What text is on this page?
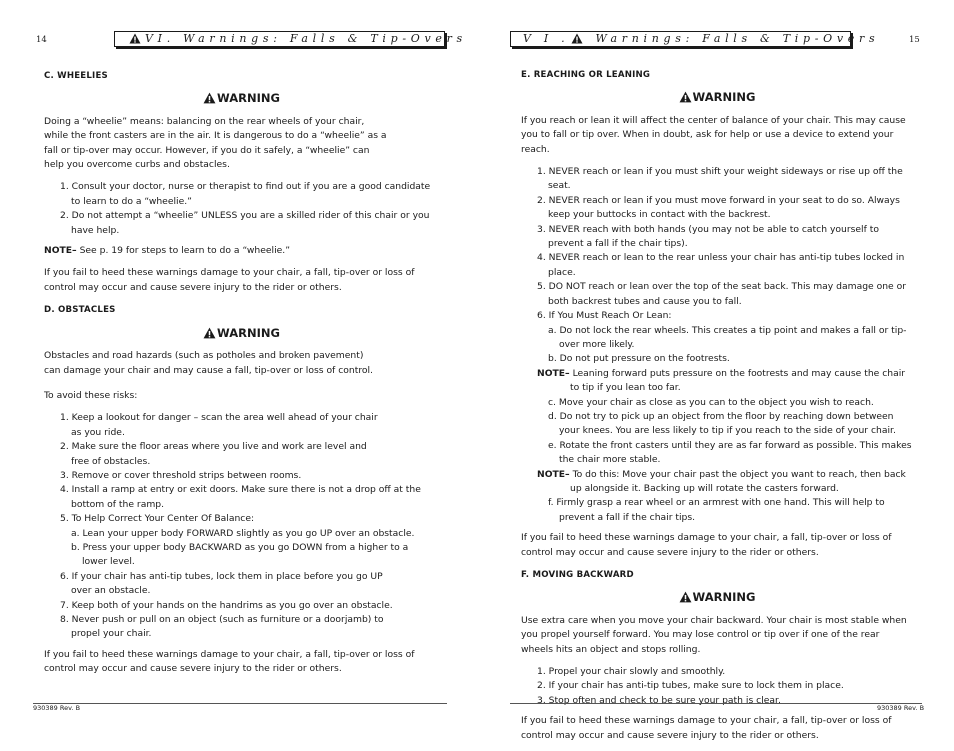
14	VI. Warnings: Falls & Tip-Overs
C. WHEELIES
WARNING

Doing a “wheelie” means: balancing on the rear wheels of your chair, while the front casters are in the air. It is dangerous to do a “wheelie” as a fall or tip-over may occur. However, if you do it safely, a “wheelie” can help you overcome curbs and obstacles.

1. Consult your doctor, nurse or therapist to find out if you are a good candidate to learn to do a “wheelie.”
2. Do not attempt a “wheelie” UNLESS you are a skilled rider of this chair or you have help.

NOTE– See p. 19 for steps to learn to do a “wheelie.”

If you fail to heed these warnings damage to your chair, a fall, tip-over or loss of control may occur and cause severe injury to the rider or others.

D. OBSTACLES
WARNING

Obstacles and road hazards (such as potholes and broken pavement) can damage your chair and may cause a fall, tip-over or loss of control.

To avoid these risks:

1. Keep a lookout for danger – scan the area well ahead of your chair as you ride.
2. Make sure the floor areas where you live and work are level and free of obstacles.
3. Remove or cover threshold strips between rooms.
4. Install a ramp at entry or exit doors. Make sure there is not a drop off at the bottom of the ramp.
5. To Help Correct Your Center Of Balance:
a. Lean your upper body FORWARD slightly as you go UP over an obstacle.
b. Press your upper body BACKWARD as you go DOWN from a higher to a lower level.
6. If your chair has anti-tip tubes, lock them in place before you go UP over an obstacle.
7. Keep both of your hands on the handrims as you go over an obstacle.
8. Never push or pull on an object (such as furniture or a doorjamb) to propel your chair.

If you fail to heed these warnings damage to your chair, a fall, tip-over or loss of control may occur and cause severe injury to the rider or others.

930389 Rev. B
V I . Warnings: Falls & Tip-Overs	15
E. REACHING OR LEANING
WARNING

If you reach or lean it will affect the center of balance of your chair. This may cause you to fall or tip over. When in doubt, ask for help or use a device to extend your reach.

1. NEVER reach or lean if you must shift your weight sideways or rise up off the seat.
2. NEVER reach or lean if you must move forward in your seat to do so. Always keep your buttocks in contact with the backrest.
3. NEVER reach with both hands (you may not be able to catch yourself to prevent a fall if the chair tips).
4. NEVER reach or lean to the rear unless your chair has anti-tip tubes locked in place.
5. DO NOT reach or lean over the top of the seat back. This may damage one or both backrest tubes and cause you to fall.
6. If You Must Reach Or Lean:
a. Do not lock the rear wheels. This creates a tip point and makes a fall or tip-over more likely.
b. Do not put pressure on the footrests.
NOTE– Leaning forward puts pressure on the footrests and may cause the chair to tip if you lean too far.
c. Move your chair as close as you can to the object you wish to reach.
d. Do not try to pick up an object from the floor by reaching down between your knees. You are less likely to tip if you reach to the side of your chair.
e. Rotate the front casters until they are as far forward as possible. This makes the chair more stable.
NOTE– To do this: Move your chair past the object you want to reach, then back up alongside it. Backing up will rotate the casters forward.
f. Firmly grasp a rear wheel or an armrest with one hand. This will help to prevent a fall if the chair tips.

If you fail to heed these warnings damage to your chair, a fall, tip-over or loss of control may occur and cause severe injury to the rider or others.

F. MOVING BACKWARD
WARNING

Use extra care when you move your chair backward. Your chair is most stable when you propel yourself forward. You may lose control or tip over if one of the rear wheels hits an object and stops rolling.

1. Propel your chair slowly and smoothly.
2. If your chair has anti-tip tubes, make sure to lock them in place.
3. Stop often and check to be sure your path is clear.

If you fail to heed these warnings damage to your chair, a fall, tip-over or loss of control may occur and cause severe injury to the rider or others.

930389 Rev. B
